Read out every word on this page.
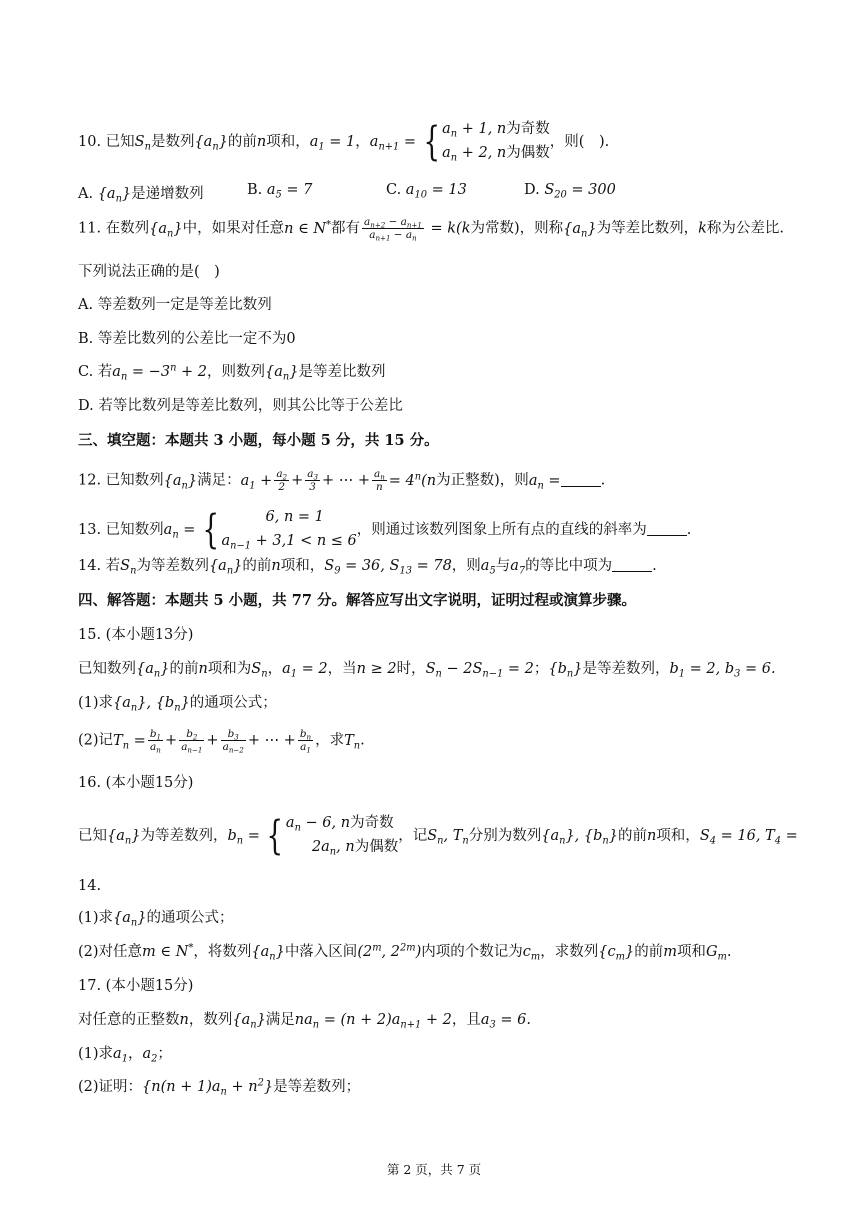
10. 已知$S_n$是数列$\{a_n\}$的前n项和，$a_1 = 1$，$a_{n+1}$ = { $a_n + 1$, n为奇数
$a_n + 2$, n为偶数
，则(　).
A. $\{a_n\}$是递增数列	B. $a_5 = 7$	C. $a_{10} = 13$	D. $S_{20} = 300$
11. 在数列$\{a_n\}$中，如果对任意n ∈ N*都有 $\frac{a_{n+2} - a_{n+1}}{a_{n+1} - a_n} = k(k$为常数)，则称$\{a_n\}$为等差比数列，k称为公差比.
下列说法正确的是(　)
A. 等差数列一定是等差比数列
B. 等差比数列的公差比一定不为0
C. 若$a_n = -3^n + 2$，则数列$\{a_n\}$是等差比数列
D. 若等比数列是等差比数列，则其公比等于公差比
三、填空题：本题共 3 小题，每小题 5 分，共 15 分。
12. 已知数列$\{a_n\}$满足：$a_1 + \frac{a_2}{2} + \frac{a_3}{3}$ + ⋯ + $\frac{a_n}{n} = 4^n(n$为正整数)，则$a_n$ =	.
13. 已知数列$a_n$ = {	6, n = 1
$a_{n-1} + 3,1 < n \le 6$
，则通过该数列图象上所有点的直线的斜率为	.
14. 若$S_n$为等差数列$\{a_n\}$的前n项和，$S_9 = 36$, $S_{13} = 78$，则$a_5$与$a_7$的等比中项为	.
四、解答题：本题共 5 小题，共 77 分。解答应写出文字说明，证明过程或演算步骤。
15. (本小题13分)
已知数列$\{a_n\}$的前n项和为$S_n$，$a_1 = 2$，当n ≥ 2时，$S_n - 2S_{n-1} = 2$；$\{b_n\}$是等差数列，$b_1 = 2$, $b_3 = 6$.
(1)求$\{a_n\}$, $\{b_n\}$的通项公式；
(2)记$T_n = \frac{b_1}{a_n} + \frac{b_2}{a_{n-1}} + \frac{b_3}{a_{n-2}}$ + ⋯ + $\frac{b_n}{a_1}$ ，求$T_n$.
16. (本小题15分)
已知$\{a_n\}$为等差数列，$b_n$ = { $a_n - 6$, n为奇数
$2a_n$, n为偶数
，记$S_n$, $T_n$分别为数列$\{a_n\}$, $\{b_n\}$的前n项和，$S_4 = 16$, $T_4$ =
14.
(1)求$\{a_n\}$的通项公式；
(2)对任意m ∈ N*，将数列$\{a_n\}$中落入区间(2$^m$, $2^{2m}$)内项的个数记为$c_m$，求数列$\{c_m\}$的前m项和$G_m$.
17. (本小题15分)
对任意的正整数n，数列$\{a_n\}$满足$na_n = (n + 2)a_{n+1} + 2$，且$a_3 = 6$.
(1)求$a_1$，$a_2$；
(2)证明：$\{n(n + 1)a_n + n^2\}$是等差数列；
第 2 页，共 7 页
